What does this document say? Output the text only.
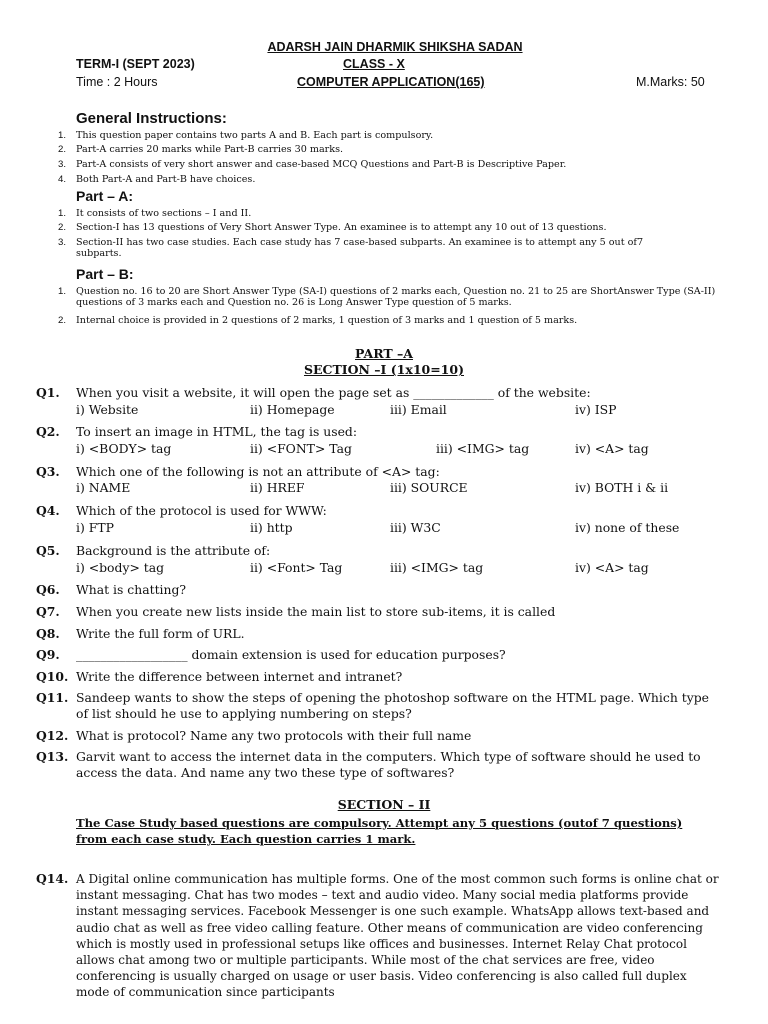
ADARSH JAIN DHARMIK SHIKSHA SADAN
TERM-I (SEPT 2023)	CLASS - X
Time : 2 Hours	COMPUTER APPLICATION(165)	M.Marks: 50
General Instructions:
1. This question paper contains two parts A and B. Each part is compulsory.
2. Part-A carries 20 marks while Part-B carries 30 marks.
3. Part-A consists of very short answer and case-based MCQ Questions and Part-B is Descriptive Paper.
4. Both Part-A and Part-B have choices.
Part – A:
1. It consists of two sections – I and II.
2. Section-I has 13 questions of Very Short Answer Type. An examinee is to attempt any 10 out of 13 questions.
3. Section-II has two case studies. Each case study has 7 case-based subparts. An examinee is to attempt any 5 out of7 subparts.
Part – B:
1. Question no. 16 to 20 are Short Answer Type (SA-I) questions of 2 marks each, Question no. 21 to 25 are ShortAnswer Type (SA-II) questions of 3 marks each and Question no. 26 is Long Answer Type question of 5 marks.
2. Internal choice is provided in 2 questions of 2 marks, 1 question of 3 marks and 1 question of 5 marks.
PART –A
SECTION –I (1x10=10)
Q1. When you visit a website, it will open the page set as _____________ of the website:
i) Website	ii) Homepage	iii) Email	iv) ISP
Q2. To insert an image in HTML, the tag is used:
i) <BODY> tag	ii) <FONT> Tag	iii) <IMG> tag	iv) <A> tag
Q3. Which one of the following is not an attribute of <A> tag:
i) NAME	ii) HREF	iii) SOURCE	iv) BOTH i & ii
Q4. Which of the protocol is used for WWW:
i) FTP	ii) http	iii) W3C	iv) none of these
Q5. Background is the attribute of:
i) <body> tag	ii) <Font> Tag	iii) <IMG> tag	iv) <A> tag
Q6. What is chatting?
Q7. When you create new lists inside the main list to store sub-items, it is called
Q8. Write the full form of URL.
Q9. __________________ domain extension is used for education purposes?
Q10. Write the difference between internet and intranet?
Q11. Sandeep wants to show the steps of opening the photoshop software on the HTML page. Which type of list should he use to applying numbering on steps?
Q12. What is protocol? Name any two protocols with their full name
Q13. Garvit want to access the internet data in the computers. Which type of software should he used to access the data. And name any two these type of softwares?
SECTION – II
The Case Study based questions are compulsory. Attempt any 5 questions (outof 7 questions) from each case study. Each question carries 1 mark.
Q14. A Digital online communication has multiple forms. One of the most common such forms is online chat or instant messaging. Chat has two modes – text and audio video. Many social media platforms provide instant messaging services. Facebook Messenger is one such example. WhatsApp allows text-based and audio chat as well as free video calling feature. Other means of communication are video conferencing which is mostly used in professional setups like offices and businesses. Internet Relay Chat protocol allows chat among two or multiple participants. While most of the chat services are free, video conferencing is usually charged on usage or user basis. Video conferencing is also called full duplex mode of communication since participants
